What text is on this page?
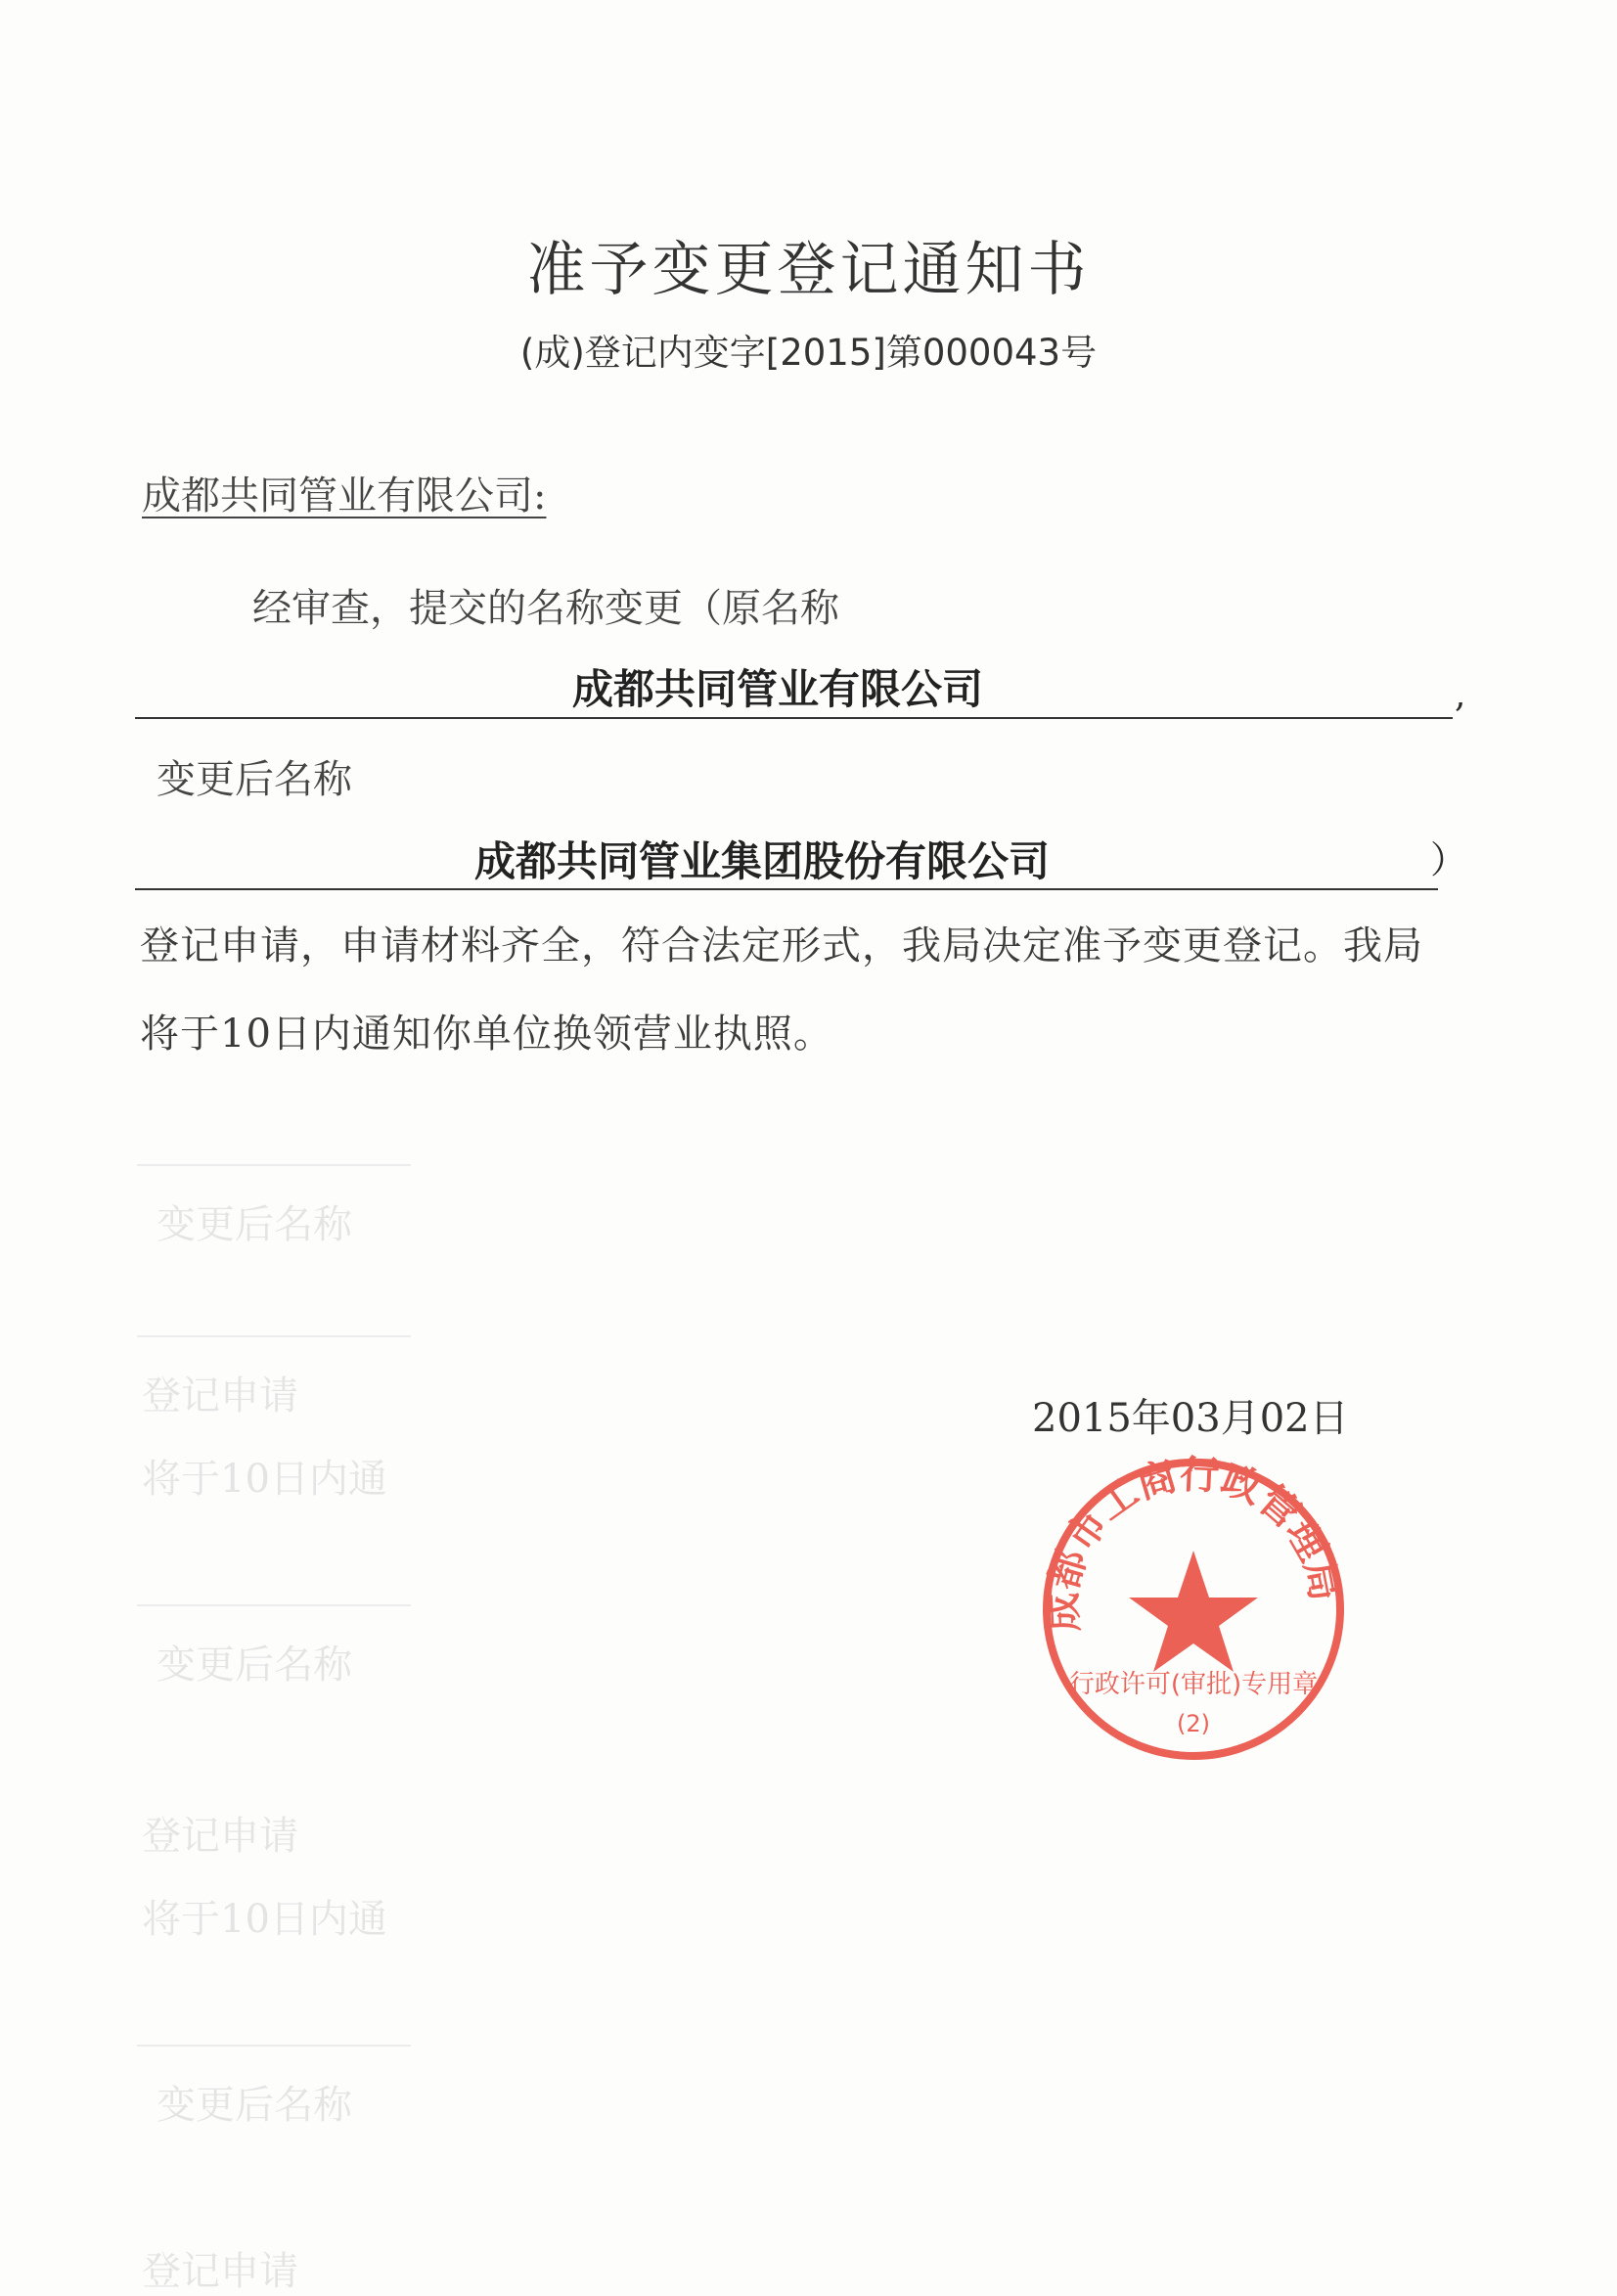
变更后名称
登记申请
将于10日内通
变更后名称
登记申请
将于10日内通
变更后名称
登记申请
准予变更登记通知书
(成)登记内变字[2015]第000043号
成都共同管业有限公司:
经审查，提交的名称变更（原名称
成都共同管业有限公司	,
变更后名称
成都共同管业集团股份有限公司	）
登记申请，申请材料齐全，符合法定形式，我局决定准予变更登记。我局
将于10日内通知你单位换领营业执照。
成都市工商行政管理局
行政许可(审批)专用章
(2)
2015年03月02日
